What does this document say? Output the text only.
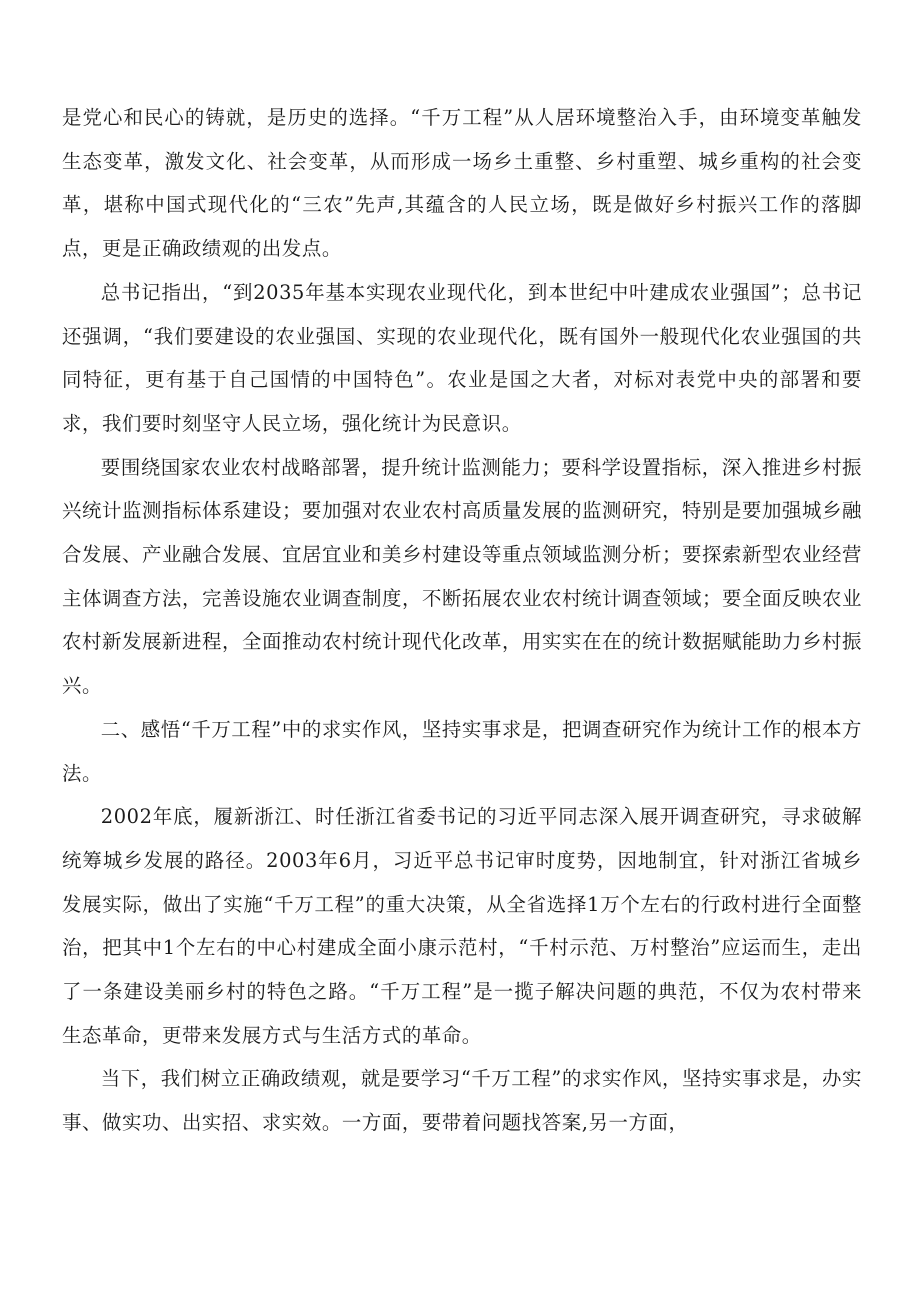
是党心和民心的铸就，是历史的选择。“千万工程”从人居环境整治入手，由环境变革触发生态变革，激发文化、社会变革，从而形成一场乡土重整、乡村重塑、城乡重构的社会变革，堪称中国式现代化的“三农”先声,其蕴含的人民立场，既是做好乡村振兴工作的落脚点，更是正确政绩观的出发点。

总书记指出，“到2035年基本实现农业现代化，到本世纪中叶建成农业强国”；总书记还强调，“我们要建设的农业强国、实现的农业现代化，既有国外一般现代化农业强国的共同特征，更有基于自己国情的中国特色”。农业是国之大者，对标对表党中央的部署和要求，我们要时刻坚守人民立场，强化统计为民意识。

要围绕国家农业农村战略部署，提升统计监测能力；要科学设置指标，深入推进乡村振兴统计监测指标体系建设；要加强对农业农村高质量发展的监测研究，特别是要加强城乡融合发展、产业融合发展、宜居宜业和美乡村建设等重点领域监测分析；要探索新型农业经营主体调查方法，完善设施农业调查制度，不断拓展农业农村统计调查领域；要全面反映农业农村新发展新进程，全面推动农村统计现代化改革，用实实在在的统计数据赋能助力乡村振兴。

二、感悟“千万工程”中的求实作风，坚持实事求是，把调查研究作为统计工作的根本方法。

2002年底，履新浙江、时任浙江省委书记的习近平同志深入展开调查研究，寻求破解统筹城乡发展的路径。2003年6月，习近平总书记审时度势，因地制宜，针对浙江省城乡发展实际，做出了实施“千万工程”的重大决策，从全省选择1万个左右的行政村进行全面整治，把其中1个左右的中心村建成全面小康示范村，“千村示范、万村整治”应运而生，走出了一条建设美丽乡村的特色之路。“千万工程”是一揽子解决问题的典范，不仅为农村带来生态革命，更带来发展方式与生活方式的革命。

当下，我们树立正确政绩观，就是要学习“千万工程”的求实作风，坚持实事求是，办实事、做实功、出实招、求实效。一方面，要带着问题找答案,另一方面，
